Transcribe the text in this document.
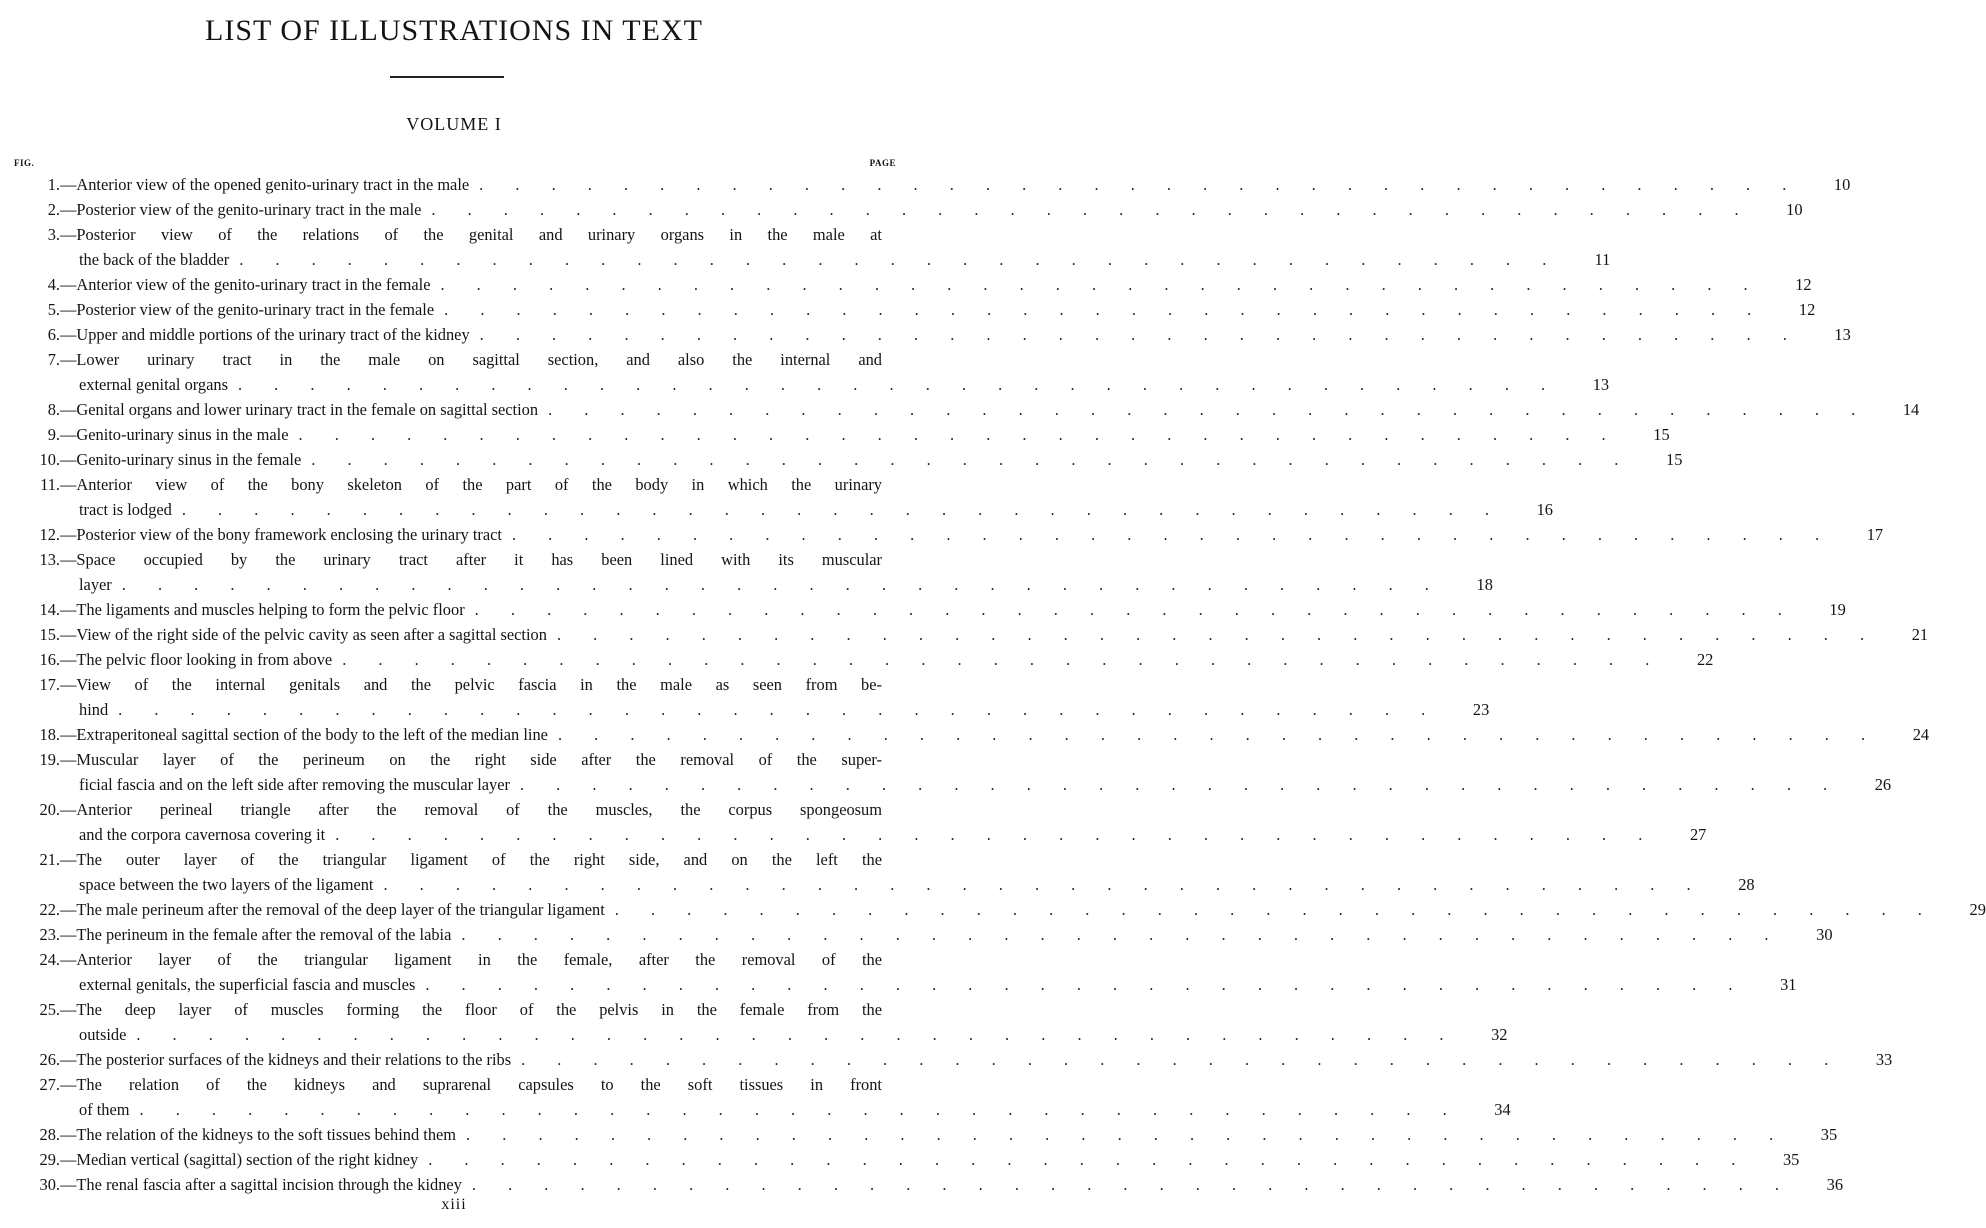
LIST OF ILLUSTRATIONS IN TEXT
VOLUME I
FIG.	PAGE
1. — Anterior view of the opened genito-urinary tract in the male . . . . . . . . . . . . . . . . . . . . . . . . . . . . . . . . . . . . .	10
2. — Posterior view of the genito-urinary tract in the male . . . . . . . . . . . . . . . . . . . . . . . . . . . . . . . . . . . . .	10
3. — Posterior view of the relations of the genital and urinary organs in the male at
the back of the bladder . . . . . . . . . . . . . . . . . . . . . . . . . . . . . . . . . . . . .	11
4. — Anterior view of the genito-urinary tract in the female . . . . . . . . . . . . . . . . . . . . . . . . . . . . . . . . . . . . .	12
5. — Posterior view of the genito-urinary tract in the female . . . . . . . . . . . . . . . . . . . . . . . . . . . . . . . . . . . . .	12
6. — Upper and middle portions of the urinary tract of the kidney . . . . . . . . . . . . . . . . . . . . . . . . . . . . . . . . . . . . .	13
7. — Lower urinary tract in the male on sagittal section, and also the internal and
external genital organs . . . . . . . . . . . . . . . . . . . . . . . . . . . . . . . . . . . . .	13
8. — Genital organs and lower urinary tract in the female on sagittal section . . . . . . . . . . . . . . . . . . . . . . . . . . . . . . . . . . . . .	14
9. — Genito-urinary sinus in the male . . . . . . . . . . . . . . . . . . . . . . . . . . . . . . . . . . . . .	15
10. — Genito-urinary sinus in the female . . . . . . . . . . . . . . . . . . . . . . . . . . . . . . . . . . . . .	15
11. — Anterior view of the bony skeleton of the part of the body in which the urinary
tract is lodged . . . . . . . . . . . . . . . . . . . . . . . . . . . . . . . . . . . . .	16
12. — Posterior view of the bony framework enclosing the urinary tract . . . . . . . . . . . . . . . . . . . . . . . . . . . . . . . . . . . . .	17
13. — Space occupied by the urinary tract after it has been lined with its muscular
layer . . . . . . . . . . . . . . . . . . . . . . . . . . . . . . . . . . . . .	18
14. — The ligaments and muscles helping to form the pelvic floor . . . . . . . . . . . . . . . . . . . . . . . . . . . . . . . . . . . . .	19
15. — View of the right side of the pelvic cavity as seen after a sagittal section . . . . . . . . . . . . . . . . . . . . . . . . . . . . . . . . . . . . .	21
16. — The pelvic floor looking in from above . . . . . . . . . . . . . . . . . . . . . . . . . . . . . . . . . . . . .	22
17. — View of the internal genitals and the pelvic fascia in the male as seen from be-
hind . . . . . . . . . . . . . . . . . . . . . . . . . . . . . . . . . . . . .	23
18. — Extraperitoneal sagittal section of the body to the left of the median line . . . . . . . . . . . . . . . . . . . . . . . . . . . . . . . . . . . . .	24
19. — Muscular layer of the perineum on the right side after the removal of the super-
ficial fascia and on the left side after removing the muscular layer . . . . . . . . . . . . . . . . . . . . . . . . . . . . . . . . . . . . .	26
20. — Anterior perineal triangle after the removal of the muscles, the corpus spongeosum
and the corpora cavernosa covering it . . . . . . . . . . . . . . . . . . . . . . . . . . . . . . . . . . . . .	27
21. — The outer layer of the triangular ligament of the right side, and on the left the
space between the two layers of the ligament . . . . . . . . . . . . . . . . . . . . . . . . . . . . . . . . . . . . .	28
22. — The male perineum after the removal of the deep layer of the triangular ligament . . . . . . . . . . . . . . . . . . . . . . . . . . . . . . . . . . . . .	29
23. — The perineum in the female after the removal of the labia . . . . . . . . . . . . . . . . . . . . . . . . . . . . . . . . . . . . .	30
24. — Anterior layer of the triangular ligament in the female, after the removal of the
external genitals, the superficial fascia and muscles . . . . . . . . . . . . . . . . . . . . . . . . . . . . . . . . . . . . .	31
25. — The deep layer of muscles forming the floor of the pelvis in the female from the
outside . . . . . . . . . . . . . . . . . . . . . . . . . . . . . . . . . . . . .	32
26. — The posterior surfaces of the kidneys and their relations to the ribs . . . . . . . . . . . . . . . . . . . . . . . . . . . . . . . . . . . . .	33
27. — The relation of the kidneys and suprarenal capsules to the soft tissues in front
of them . . . . . . . . . . . . . . . . . . . . . . . . . . . . . . . . . . . . .	34
28. — The relation of the kidneys to the soft tissues behind them . . . . . . . . . . . . . . . . . . . . . . . . . . . . . . . . . . . . .	35
29. — Median vertical (sagittal) section of the right kidney . . . . . . . . . . . . . . . . . . . . . . . . . . . . . . . . . . . . .	35
30. — The renal fascia after a sagittal incision through the kidney . . . . . . . . . . . . . . . . . . . . . . . . . . . . . . . . . . . . .	36
xiii
